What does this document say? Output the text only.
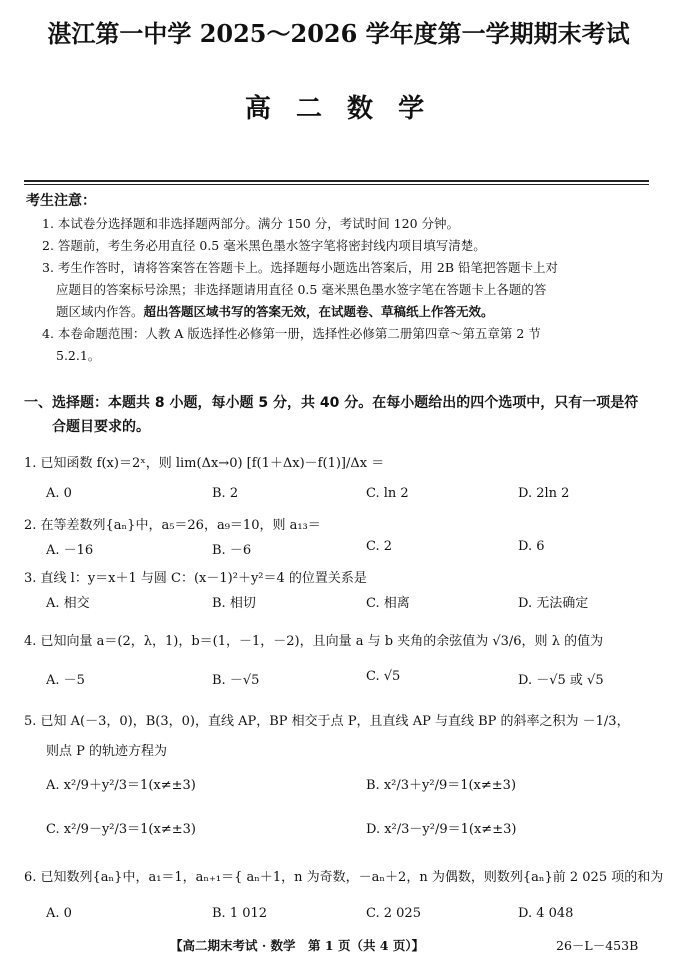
湛江第一中学 2025～2026 学年度第一学期期末考试
高 二 数 学
考生注意：
1. 本试卷分选择题和非选择题两部分。满分 150 分，考试时间 120 分钟。
2. 答题前，考生务必用直径 0.5 毫米黑色墨水签字笔将密封线内项目填写清楚。
3. 考生作答时，请将答案答在答题卡上。选择题每小题选出答案后，用 2B 铅笔把答题卡上对
应题目的答案标号涂黑；非选择题请用直径 0.5 毫米黑色墨水签字笔在答题卡上各题的答
题区域内作答。超出答题区域书写的答案无效，在试题卷、草稿纸上作答无效。
4. 本卷命题范围：人教 A 版选择性必修第一册，选择性必修第二册第四章～第五章第 2 节
5.2.1。
一、选择题：本题共 8 小题，每小题 5 分，共 40 分。在每小题给出的四个选项中，只有一项是符
合题目要求的。
1. 已知函数 f(x)＝2ˣ，则 lim(Δx→0) [f(1＋Δx)－f(1)]/Δx ＝
A. 0	B. 2	C. ln 2	D. 2ln 2
2. 在等差数列{aₙ}中，a₅＝26，a₉＝10，则 a₁₃＝
A. －16	B. －6	C. 2	D. 6
3. 直线 l：y＝x＋1 与圆 C：(x－1)²＋y²＝4 的位置关系是
A. 相交	B. 相切	C. 相离	D. 无法确定
4. 已知向量 a＝(2，λ，1)，b＝(1，－1，－2)，且向量 a 与 b 夹角的余弦值为 √3/6，则 λ 的值为
A. －5	B. －√5	C. √5	D. －√5 或 √5
5. 已知 A(－3，0)，B(3，0)，直线 AP，BP 相交于点 P，且直线 AP 与直线 BP 的斜率之积为 －1/3，
则点 P 的轨迹方程为
A. x²/9＋y²/3＝1(x≠±3)	B. x²/3＋y²/9＝1(x≠±3)
C. x²/9－y²/3＝1(x≠±3)	D. x²/3－y²/9＝1(x≠±3)
6. 已知数列{aₙ}中，a₁＝1，aₙ₊₁＝{ aₙ＋1，n 为奇数，－aₙ＋2，n 为偶数，则数列{aₙ}前 2 025 项的和为
A. 0	B. 1 012	C. 2 025	D. 4 048
【高二期末考试 · 数学　第 1 页（共 4 页）】	26－L－453B
